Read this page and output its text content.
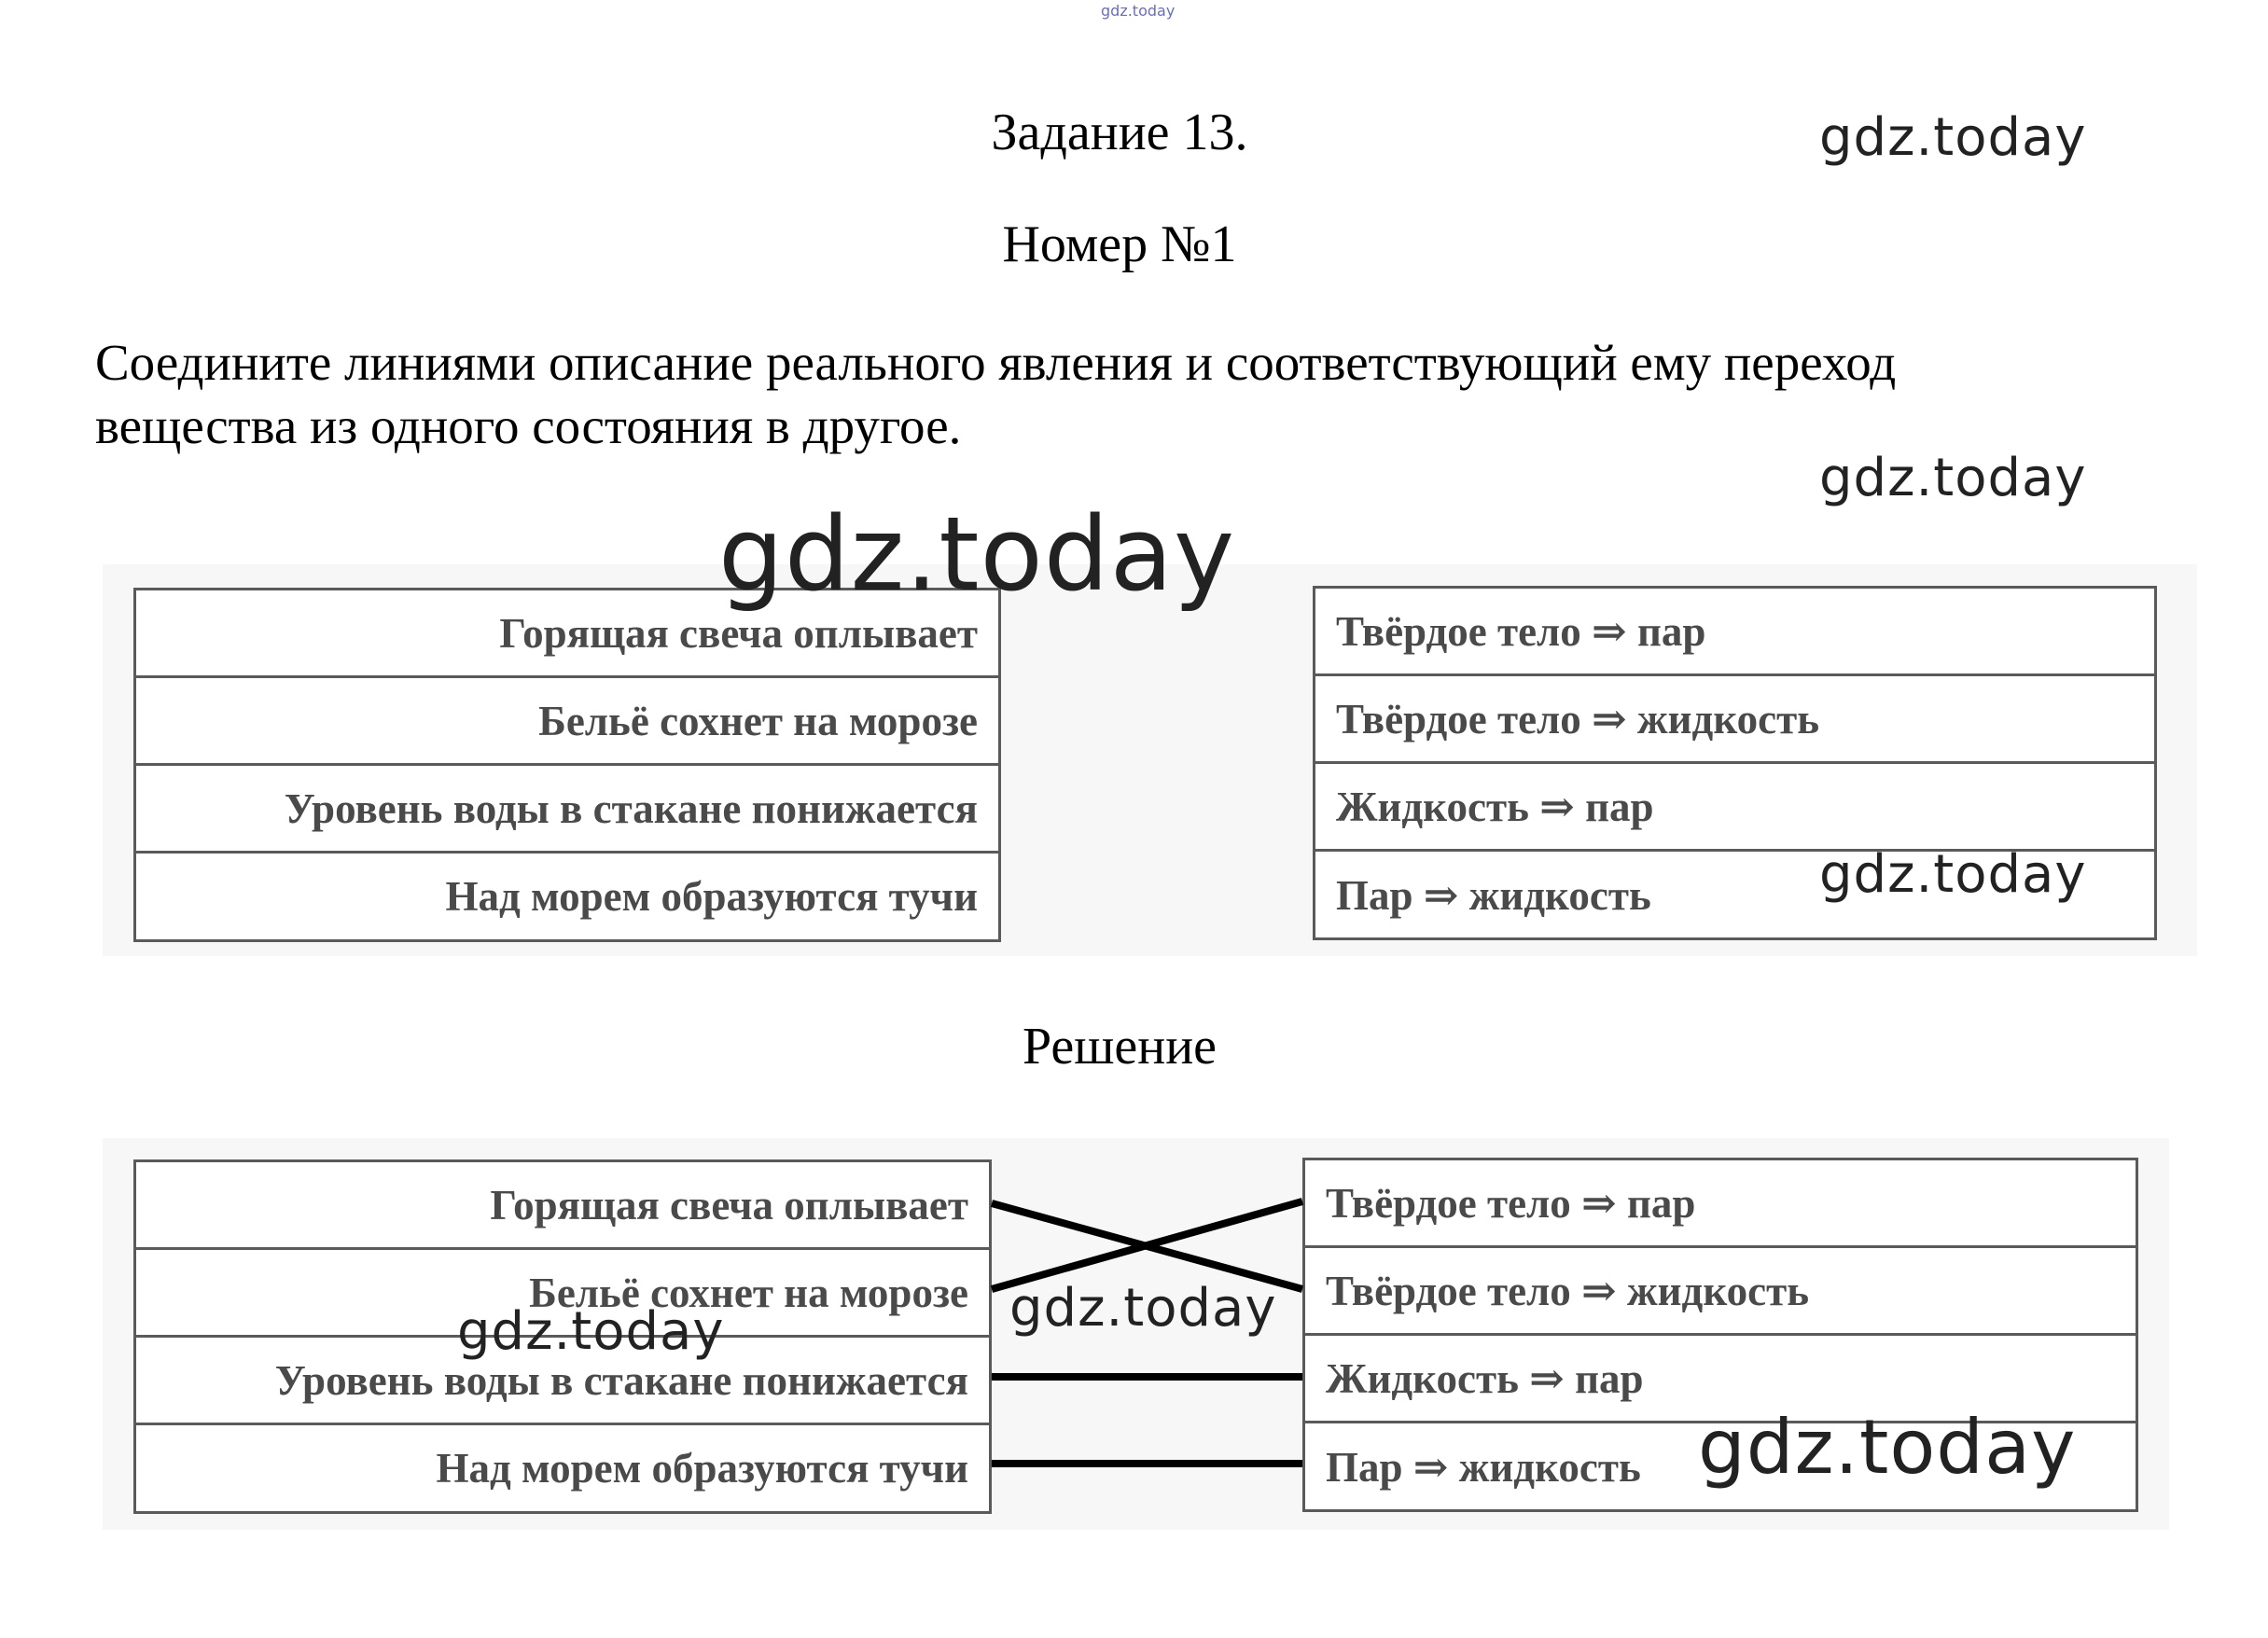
gdz.today
Задание 13.
Номер №1
gdz.today
Соедините линиями описание реального явления и соответствующий ему переход
вещества из одного состояния в другое.
gdz.today
Горящая свеча оплывает
Бельё сохнет на морозе
Уровень воды в стакане понижается
Над морем образуются тучи
Твёрдое тело ⇒ пар
Твёрдое тело ⇒ жидкость
Жидкость ⇒ пар
Пар ⇒ жидкость
gdz.today
gdz.today
Решение
Горящая свеча оплывает
Бельё сохнет на морозе
Уровень воды в стакане понижается
Над морем образуются тучи
Твёрдое тело ⇒ пар
Твёрдое тело ⇒ жидкость
Жидкость ⇒ пар
Пар ⇒ жидкость
gdz.today	gdz.today
gdz.today
